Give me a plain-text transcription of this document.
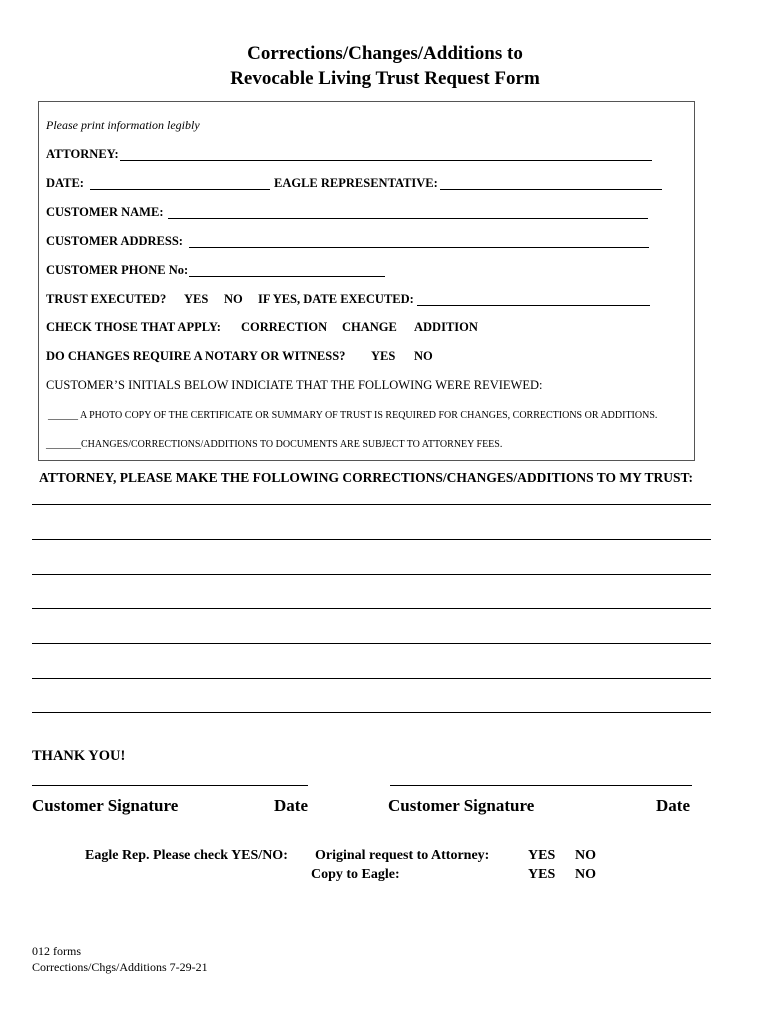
Corrections/Changes/Additions to
Revocable Living Trust Request Form
Please print information legibly
ATTORNEY:
DATE:	EAGLE REPRESENTATIVE:
CUSTOMER NAME:
CUSTOMER ADDRESS:
CUSTOMER PHONE No:
TRUST EXECUTED? YES NO IF YES, DATE EXECUTED:
CHECK THOSE THAT APPLY: CORRECTION CHANGE ADDITION
DO CHANGES REQUIRE A NOTARY OR WITNESS? YES NO
CUSTOMER’S INITIALS BELOW INDICIATE THAT THE FOLLOWING WERE REVIEWED:
______ A PHOTO COPY OF THE CERTIFICATE OR SUMMARY OF TRUST IS REQUIRED FOR CHANGES, CORRECTIONS OR ADDITIONS.
_______CHANGES/CORRECTIONS/ADDITIONS TO DOCUMENTS ARE SUBJECT TO ATTORNEY FEES.
ATTORNEY, PLEASE MAKE THE FOLLOWING CORRECTIONS/CHANGES/ADDITIONS TO MY TRUST:
THANK YOU!
Customer Signature	Date	Customer Signature	Date
Eagle Rep. Please check YES/NO: Original request to Attorney:	YES NO
Copy to Eagle:	YES NO
012 forms
Corrections/Chgs/Additions 7-29-21
